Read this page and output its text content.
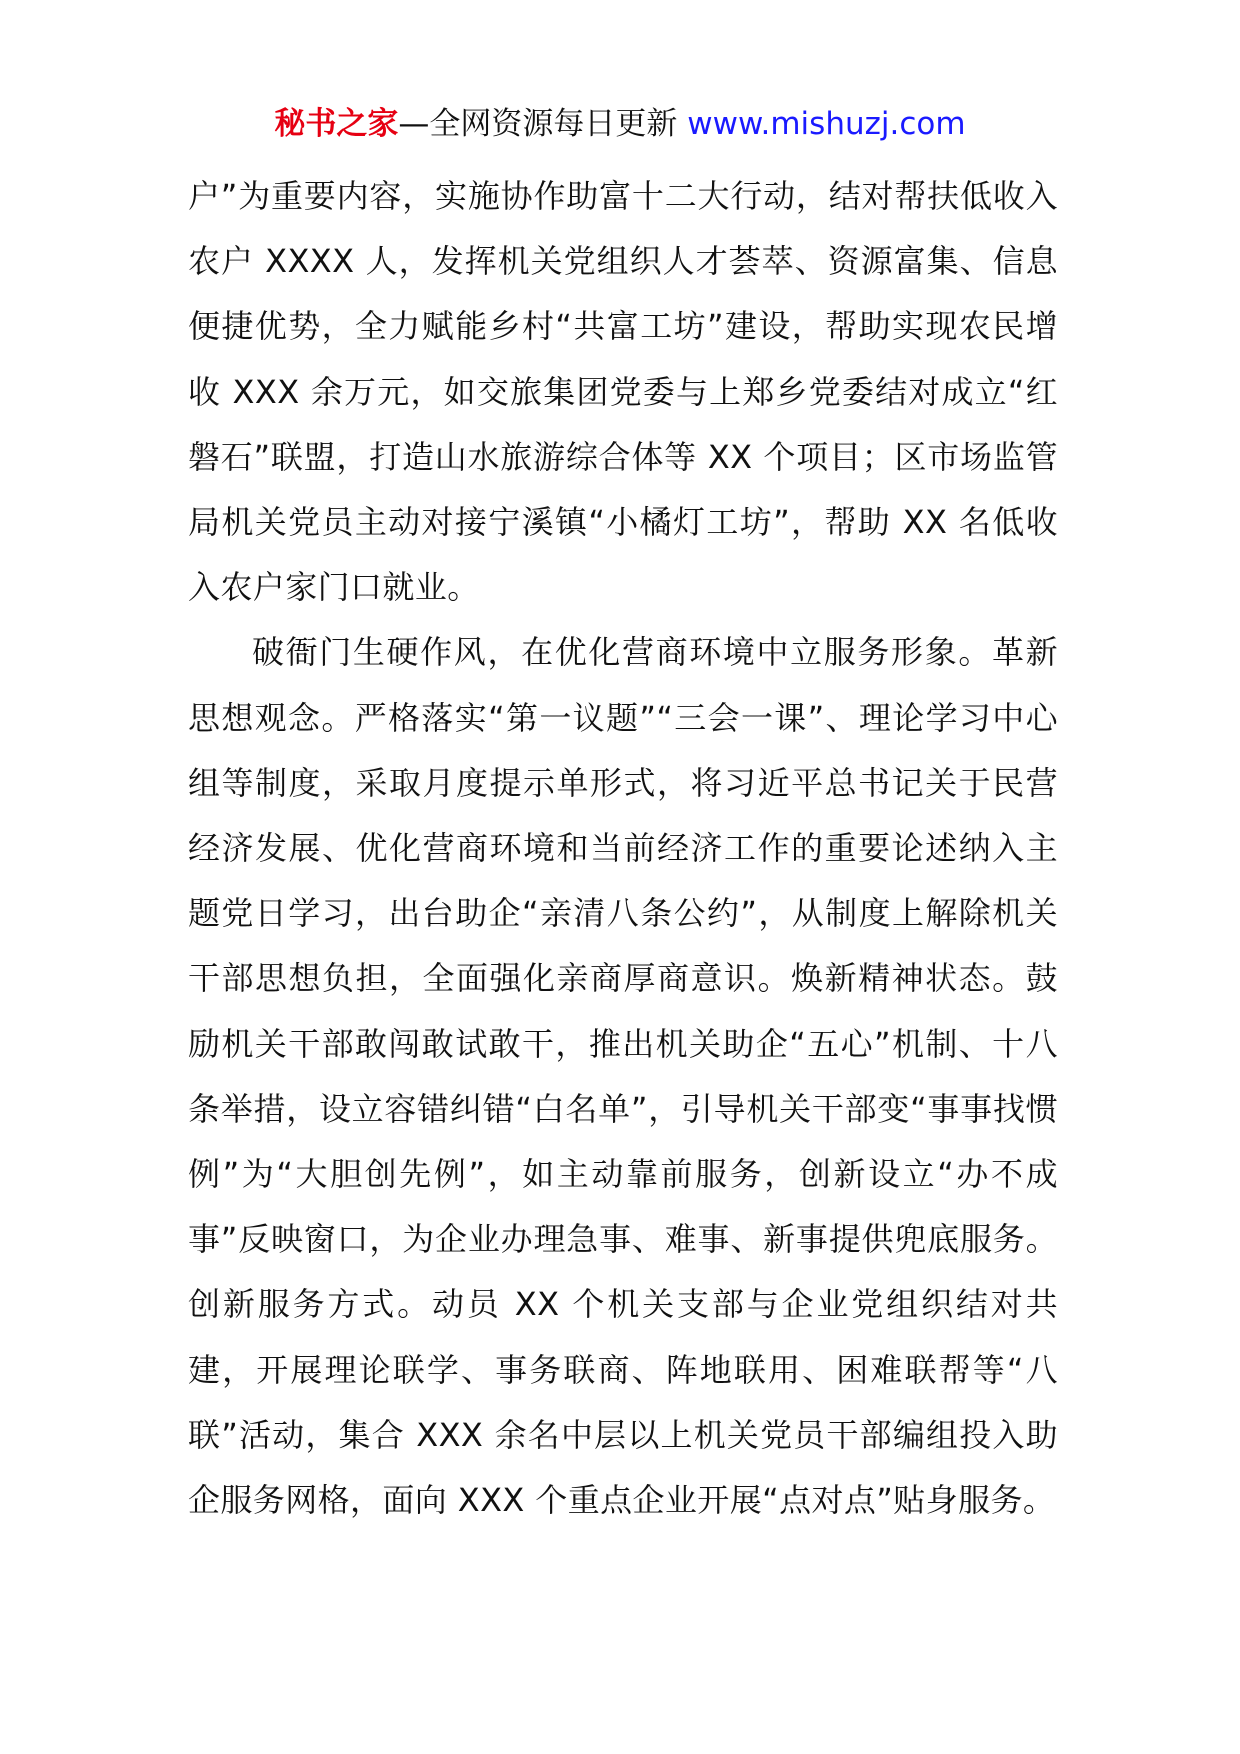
秘书之家—全网资源每日更新 www.mishuzj.com

户”为重要内容，实施协作助富十二大行动，结对帮扶低收入农户 XXXX 人，发挥机关党组织人才荟萃、资源富集、信息便捷优势，全力赋能乡村“共富工坊”建设，帮助实现农民增收 XXX 余万元，如交旅集团党委与上郑乡党委结对成立“红磐石”联盟，打造山水旅游综合体等 XX 个项目；区市场监管局机关党员主动对接宁溪镇“小橘灯工坊”，帮助 XX 名低收入农户家门口就业。

破衙门生硬作风，在优化营商环境中立服务形象。革新思想观念。严格落实“第一议题”“三会一课”、理论学习中心组等制度，采取月度提示单形式，将习近平总书记关于民营经济发展、优化营商环境和当前经济工作的重要论述纳入主题党日学习，出台助企“亲清八条公约”，从制度上解除机关干部思想负担，全面强化亲商厚商意识。焕新精神状态。鼓励机关干部敢闯敢试敢干，推出机关助企“五心”机制、十八条举措，设立容错纠错“白名单”，引导机关干部变“事事找惯例”为“大胆创先例”，如主动靠前服务，创新设立“办不成事”反映窗口，为企业办理急事、难事、新事提供兜底服务。创新服务方式。动员 XX 个机关支部与企业党组织结对共建，开展理论联学、事务联商、阵地联用、困难联帮等“八联”活动，集合 XXX 余名中层以上机关党员干部编组投入助企服务网格，面向 XXX 个重点企业开展“点对点”贴身服务。
